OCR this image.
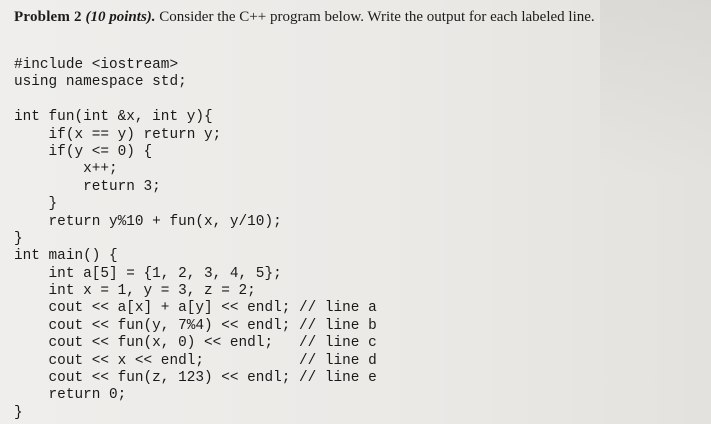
Problem 2 (10 points). Consider the C++ program below. Write the output for each labeled line.
#include <iostream>
using namespace std;
int fun(int &x, int y){
if(x == y) return y;
if(y <= 0) {
x++;
return 3;
}
return y%10 + fun(x, y/10);
}
int main() {
int a[5] = {1, 2, 3, 4, 5};
int x = 1, y = 3, z = 2;
cout << a[x] + a[y] << endl; // line a
cout << fun(y, 7%4) << endl; // line b
cout << fun(x, 0) << endl;   // line c
cout << x << endl;           // line d
cout << fun(z, 123) << endl; // line e
return 0;
}
